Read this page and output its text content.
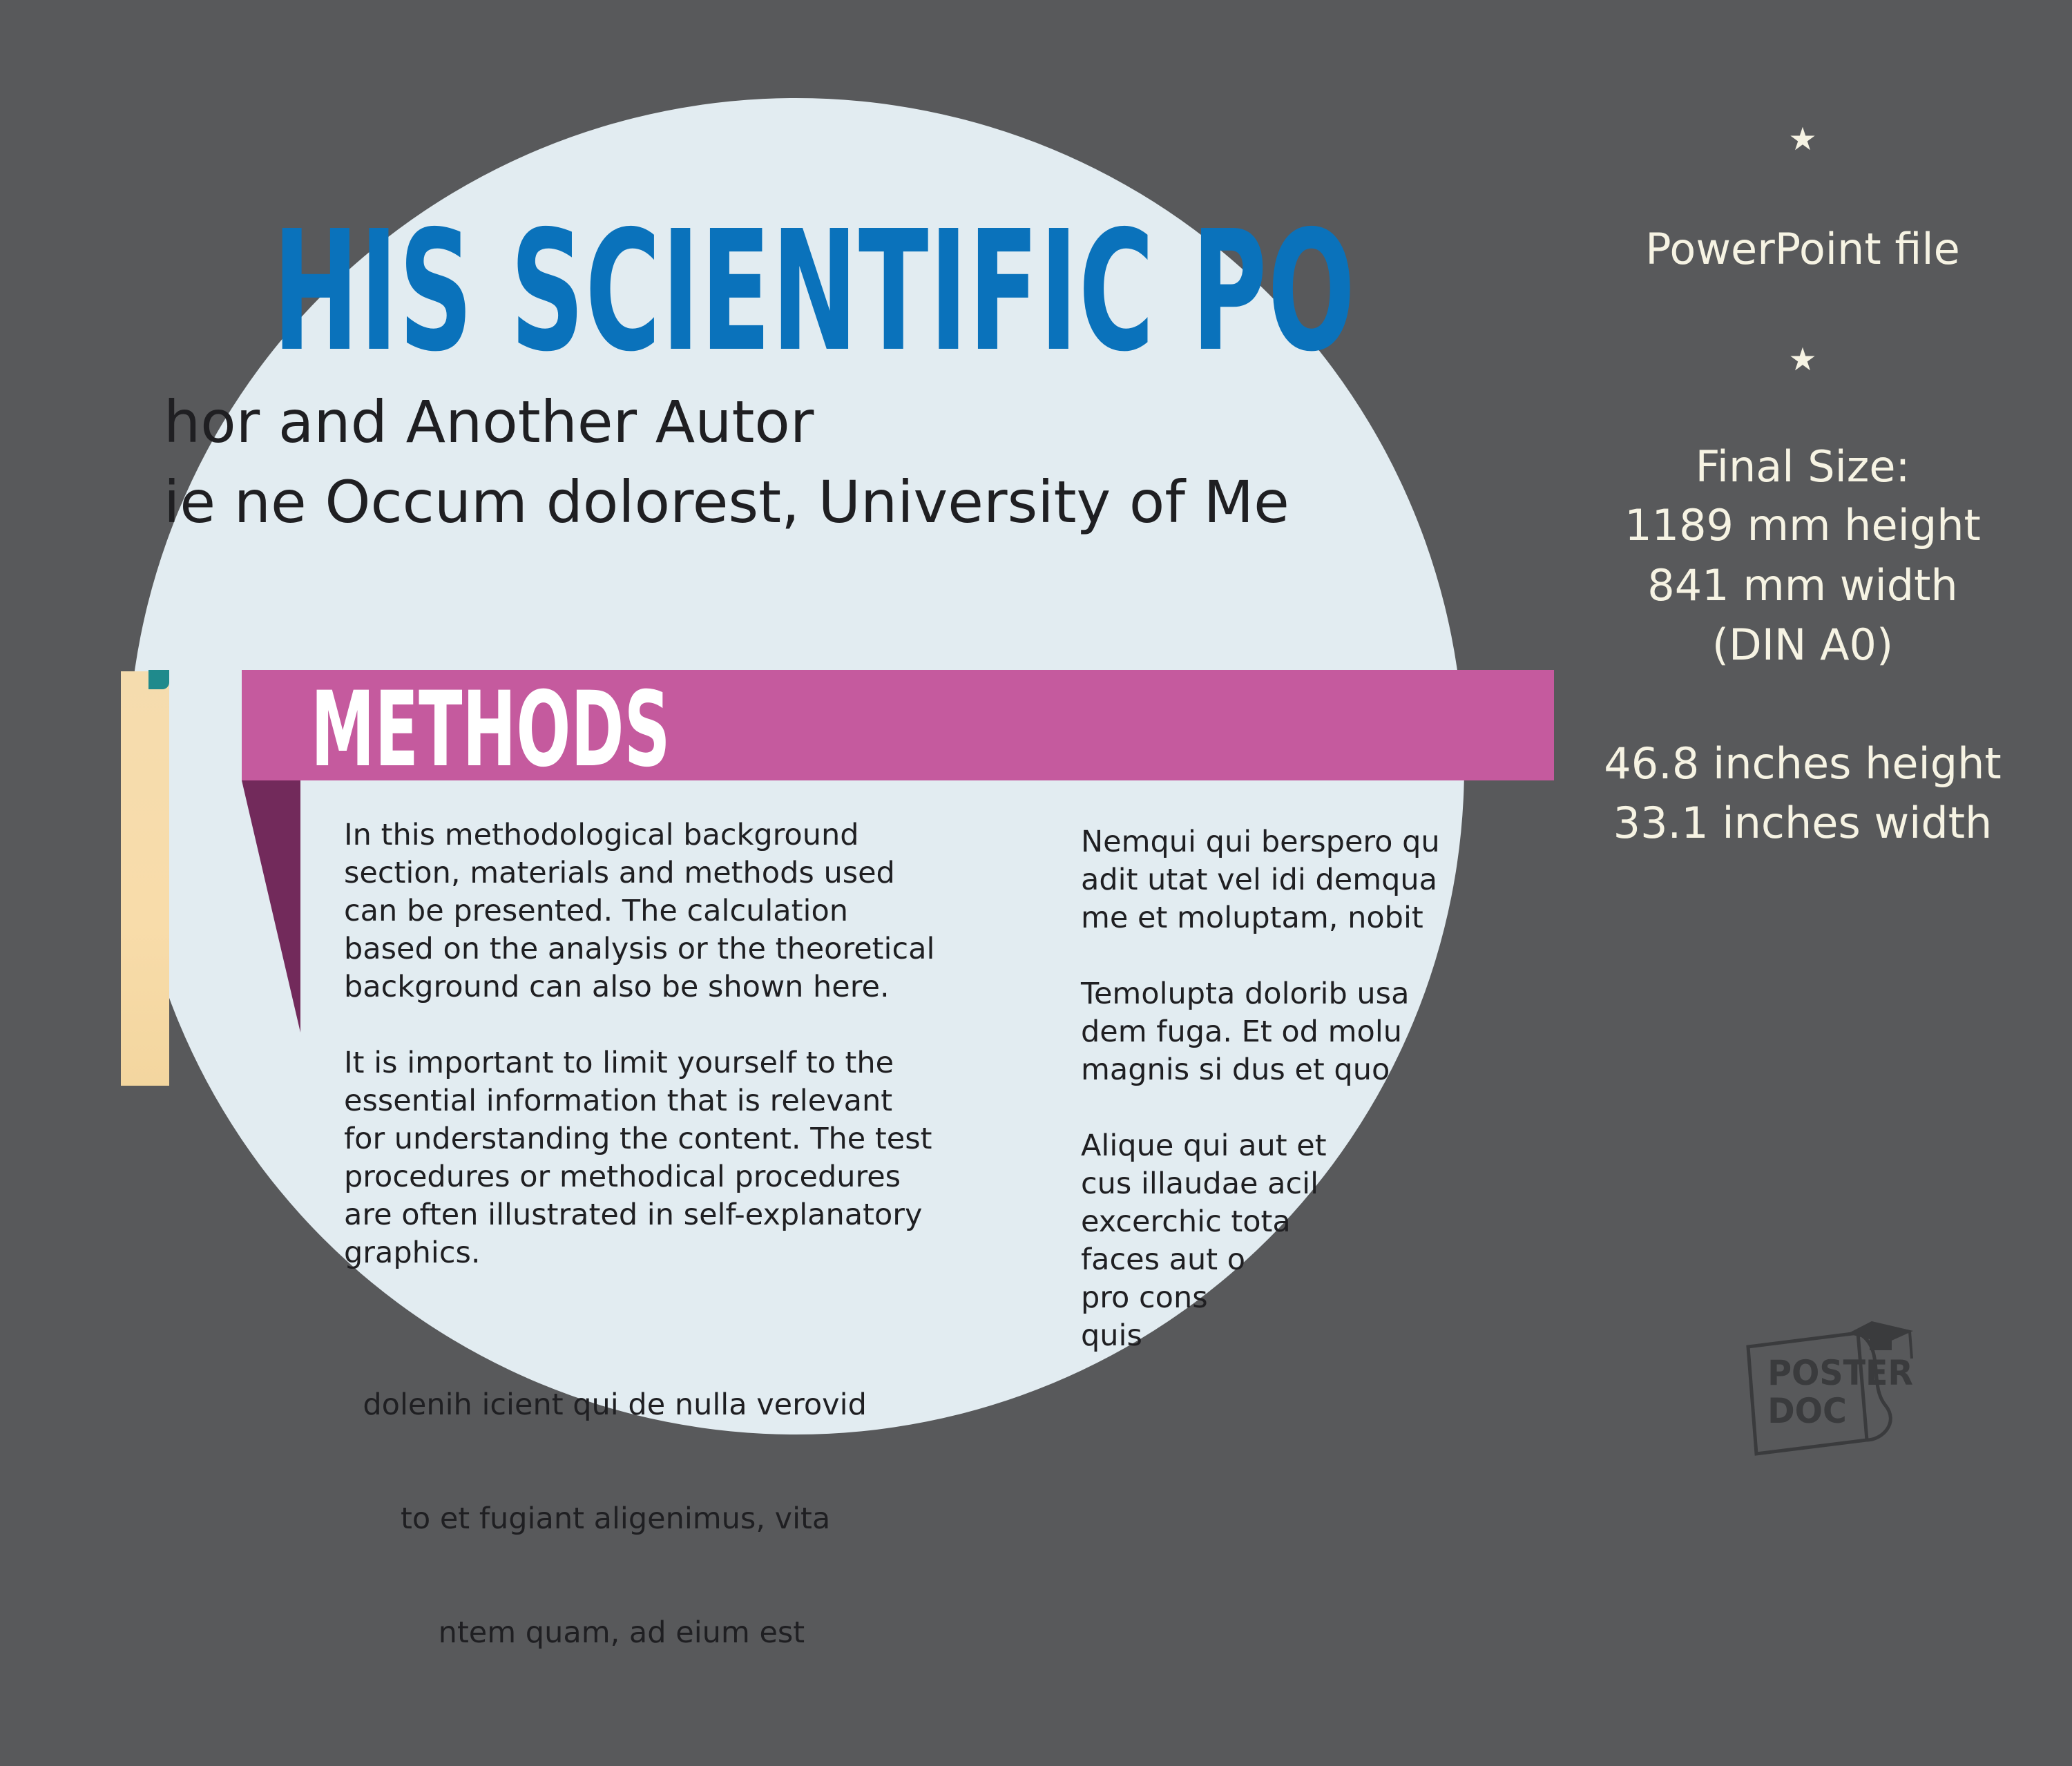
HIS SCIENTIFIC PO
hor and Another Autor
ie ne Occum dolorest, University of Me
METHODS
In this methodological background
section, materials and methods used
can be presented. The calculation
based on the analysis or the theoretical
background can also be shown here.
It is important to limit yourself to the
essential information that is relevant
for understanding the content. The test
procedures or methodical procedures
are often illustrated in self-explanatory
graphics.

dolenih icient qui de nulla verovid

to et fugiant aligenimus, vita

ntem quam, ad eium est

Nemqui qui berspero qu
adit utat vel idi demqua
me et moluptam, nobit
Temolupta dolorib usa
dem fuga. Et od molu
magnis si dus et quo
Alique qui aut et
cus illaudae acil
excerchic tota
faces aut o
pro cons
quis
★
PowerPoint file
★
Final Size:
1189 mm height
841 mm width
(DIN A0)
46.8 inches height
33.1 inches width
POSTER
DOC
